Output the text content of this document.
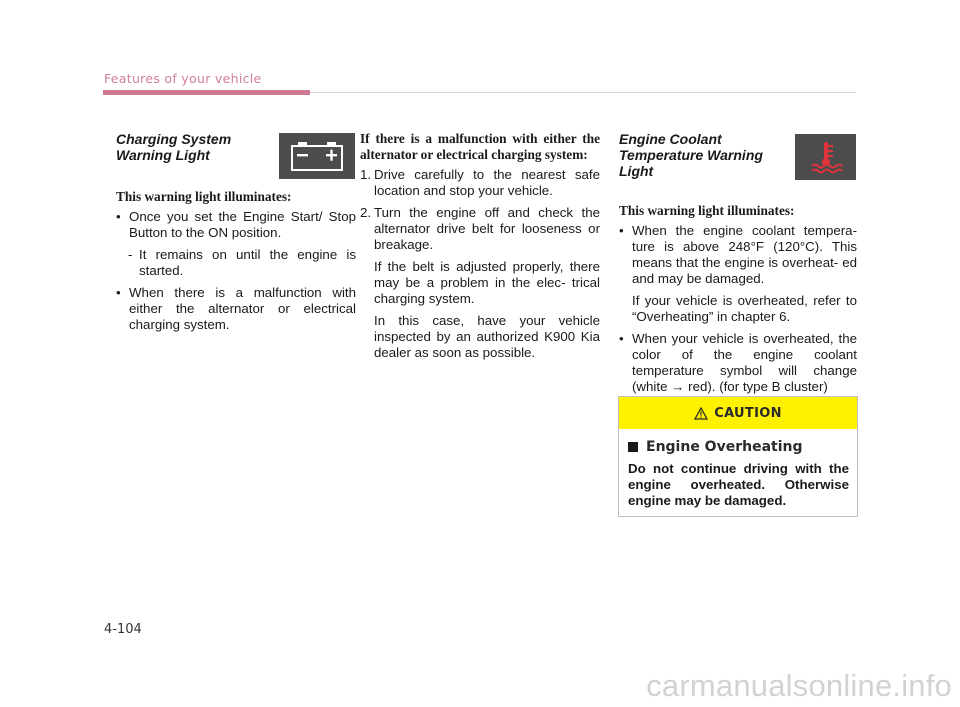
Features of your vehicle
Charging System
Warning Light

This warning light illuminates:

• Once you set the Engine Start/ Stop Button to the ON position.
- It remains on until the engine is started.
• When there is a malfunction with either the alternator or electrical charging system.

If there is a malfunction with either the alternator or electrical charging system:

1. Drive carefully to the nearest safe location and stop your vehicle.
2. Turn the engine off and check the alternator drive belt for looseness or breakage.

If the belt is adjusted properly, there may be a problem in the elec- trical charging system.

In this case, have your vehicle inspected by an authorized K900 Kia dealer as soon as possible.

Engine Coolant
Temperature Warning
Light

This warning light illuminates:

• When the engine coolant tempera- ture is above 248°F (120°C). This means that the engine is overheat- ed and may be damaged.

If your vehicle is overheated, refer to “Overheating” in chapter 6.

• When your vehicle is overheated, the color of the engine coolant temperature symbol will change (white → red). (for type B cluster)
CAUTION
Engine Overheating

Do not continue driving with the engine overheated. Otherwise engine may be damaged.

4-104
carmanualsonline.info
